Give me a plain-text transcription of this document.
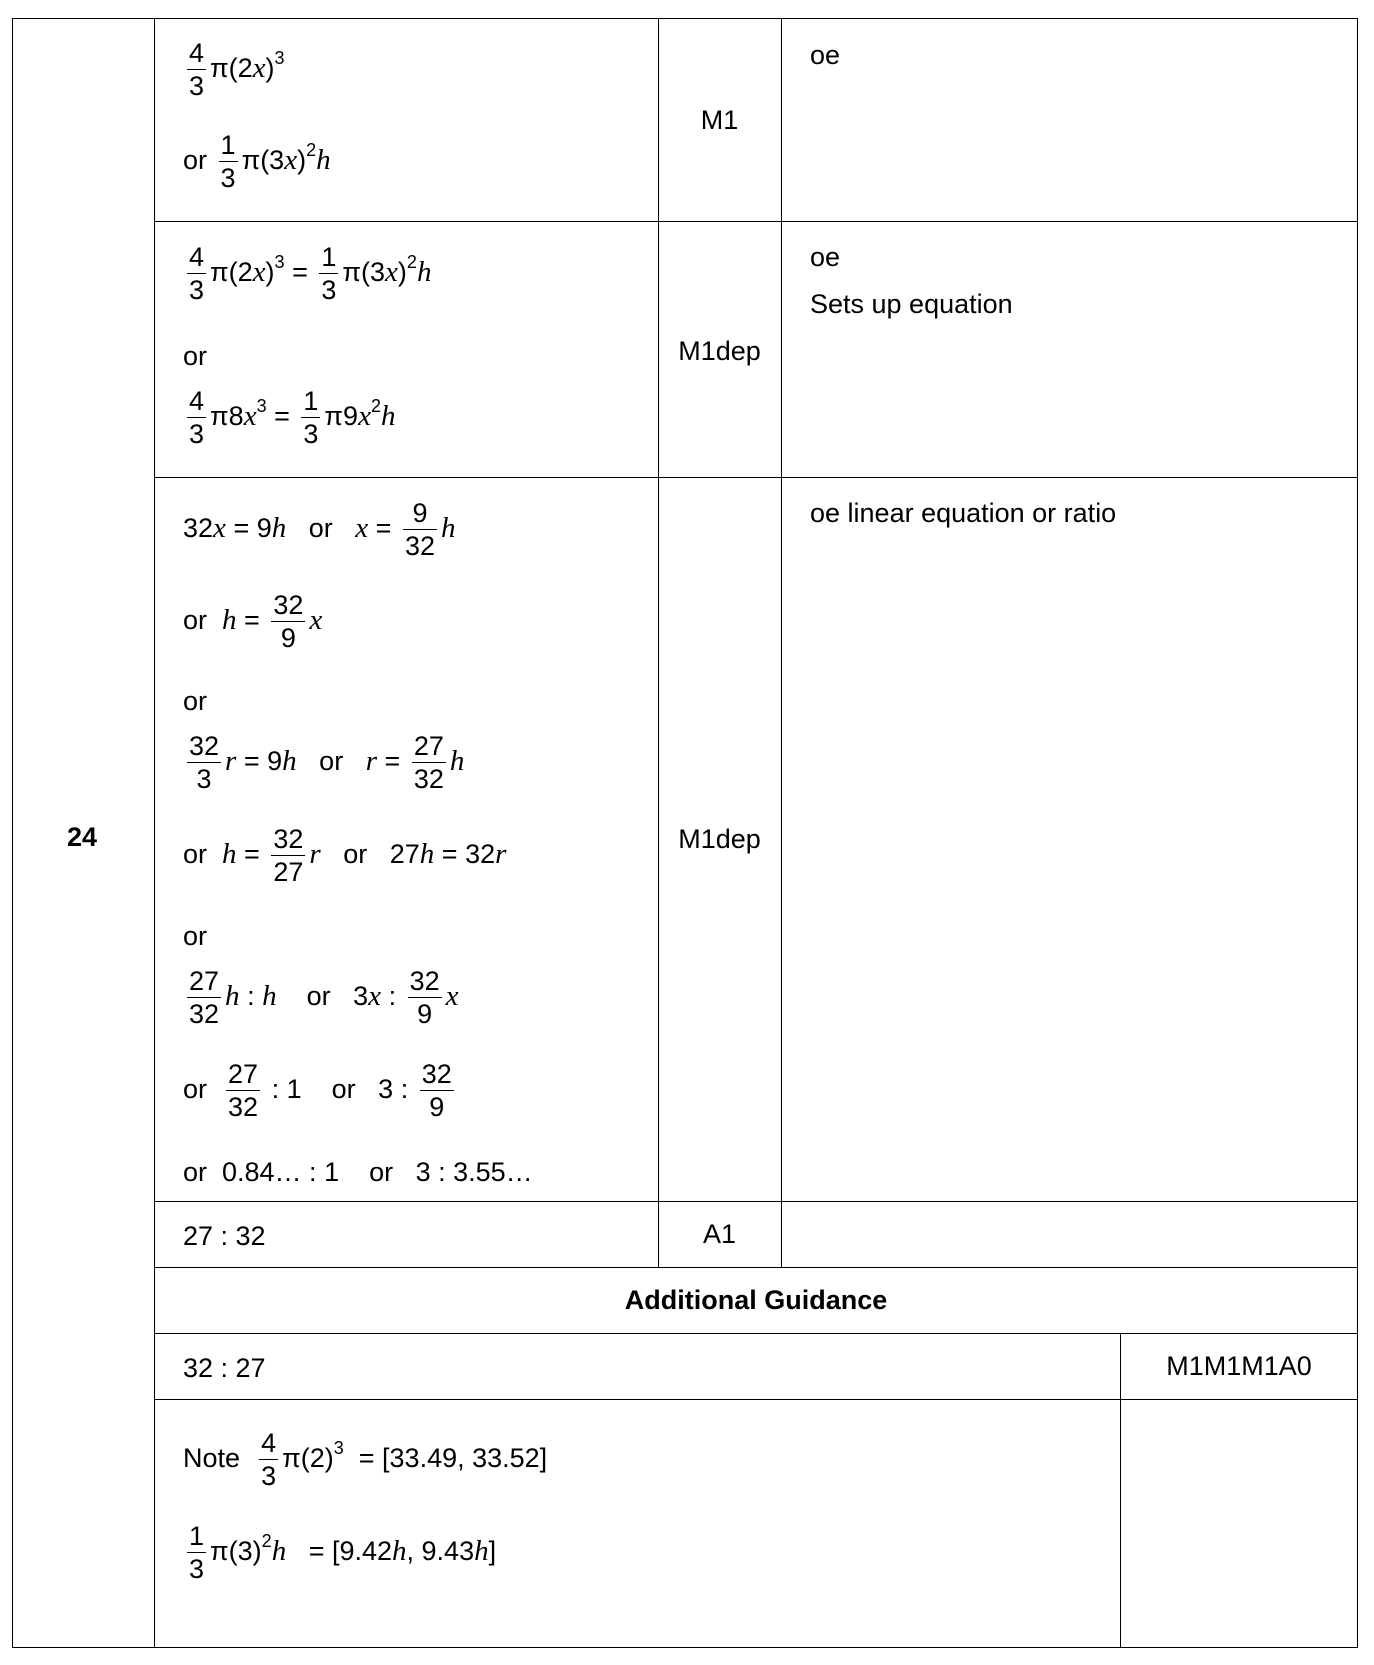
24
$\frac{4}{3} \pi(2x)^3$
or $\frac{1}{3} \pi(3x)^2h$
M1
oe
$\frac{4}{3} \pi(2x)^3 = \frac{1}{3} \pi(3x)^2h$
or
$\frac{4}{3} \pi 8x^3 = \frac{1}{3} \pi 9x^2h$
M1dep
oe
Sets up equation
32x = 9h or $x = \frac{9}{32}$ h
or $h = \frac{32}{9}$ x
or
$\frac{32}{3}$ r = 9h or $r = \frac{27}{32}$ h
or $h = \frac{32}{27}$ r or 27h = 32r
or
$\frac{27}{32}$ h : h or 3x : $\frac{32}{9}$ x
or $\frac{27}{32}$ : 1 or 3 : $\frac{32}{9}$
or  0.84… : 1    or   3 : 3.55…
M1dep
oe linear equation or ratio
27 : 32	A1
Additional Guidance
32 : 27	M1M1M1A0
Note $\frac{4}{3} \pi(2)^3 = [33.49$, 33.52]
$\frac{1}{3} \pi(3)^2h = [9.42h$, 9.43h]
